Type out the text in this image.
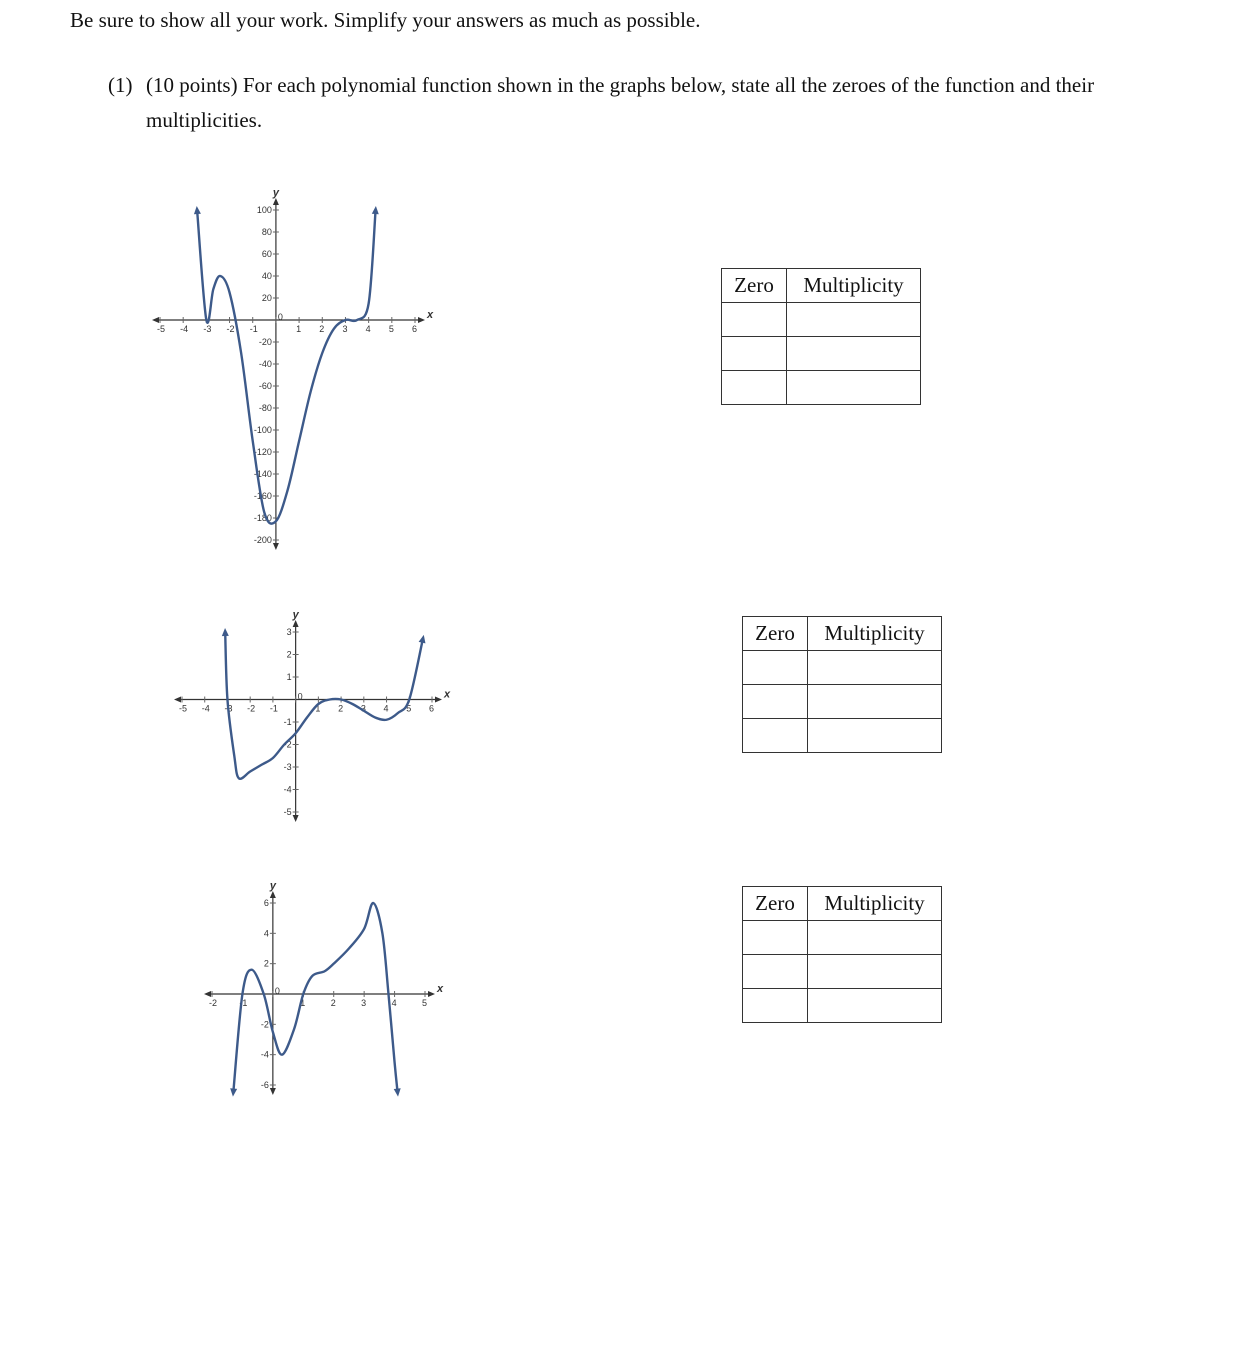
Be sure to show all your work. Simplify your answers as much as possible.
(1) (10 points) For each polynomial function shown in the graphs below, state all the zeroes of the function and their multiplicities.
x
y
-5 -4 -3 -2 -1
0
1 2 3 4 5 6
100
80
60
40
20
-20
-40
-60
-80
-100
-120
-140
-160
-180
-200
x
y
-5 -4 -3 -2 -1
0
1 2 3 4 5 6
3
2
1
-1
-2
-3
-4
-5
x
y
-2 -1
0
1	2	3	4	5
6
4
2
-2
-4
-6
Zero	Multiplicity

Zero	Multiplicity

Zero	Multiplicity
